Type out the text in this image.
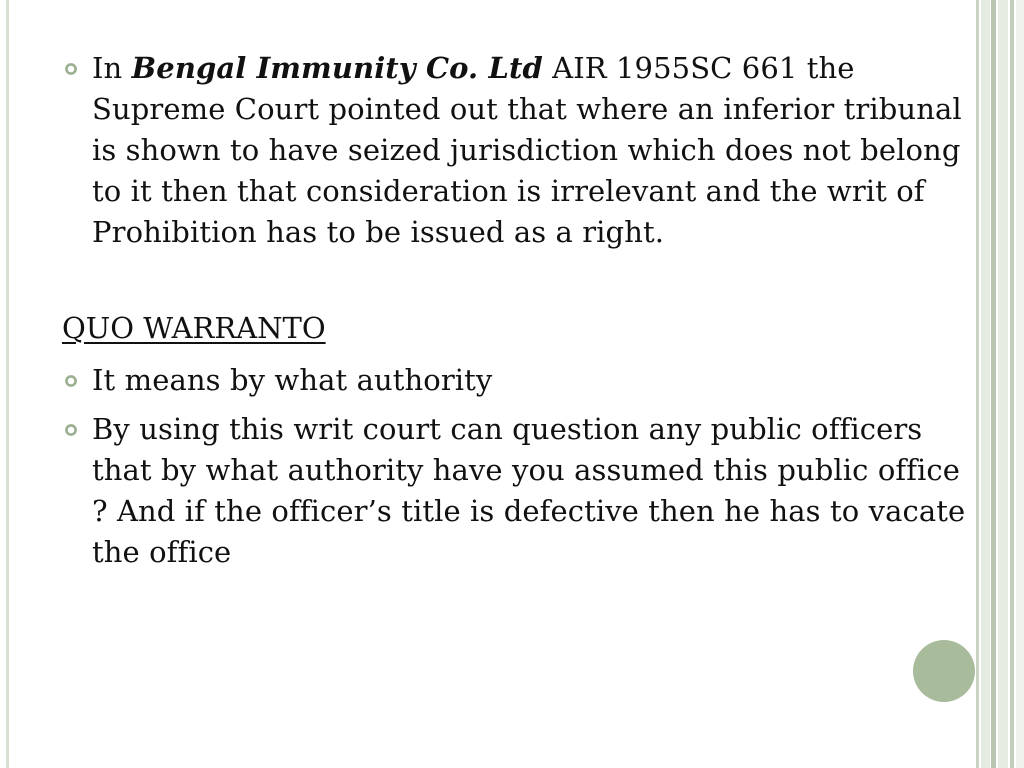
In Bengal Immunity Co. Ltd AIR 1955SC 661 the Supreme Court pointed out that where an inferior tribunal is shown to have seized jurisdiction which does not belong to it then that consideration is irrelevant and the writ of Prohibition has to be issued as a right.
QUO WARRANTO
It means by what authority
By using this writ court can question any public officers that by what authority have you assumed this public office ? And if the officer’s title is defective then he has to vacate the office
